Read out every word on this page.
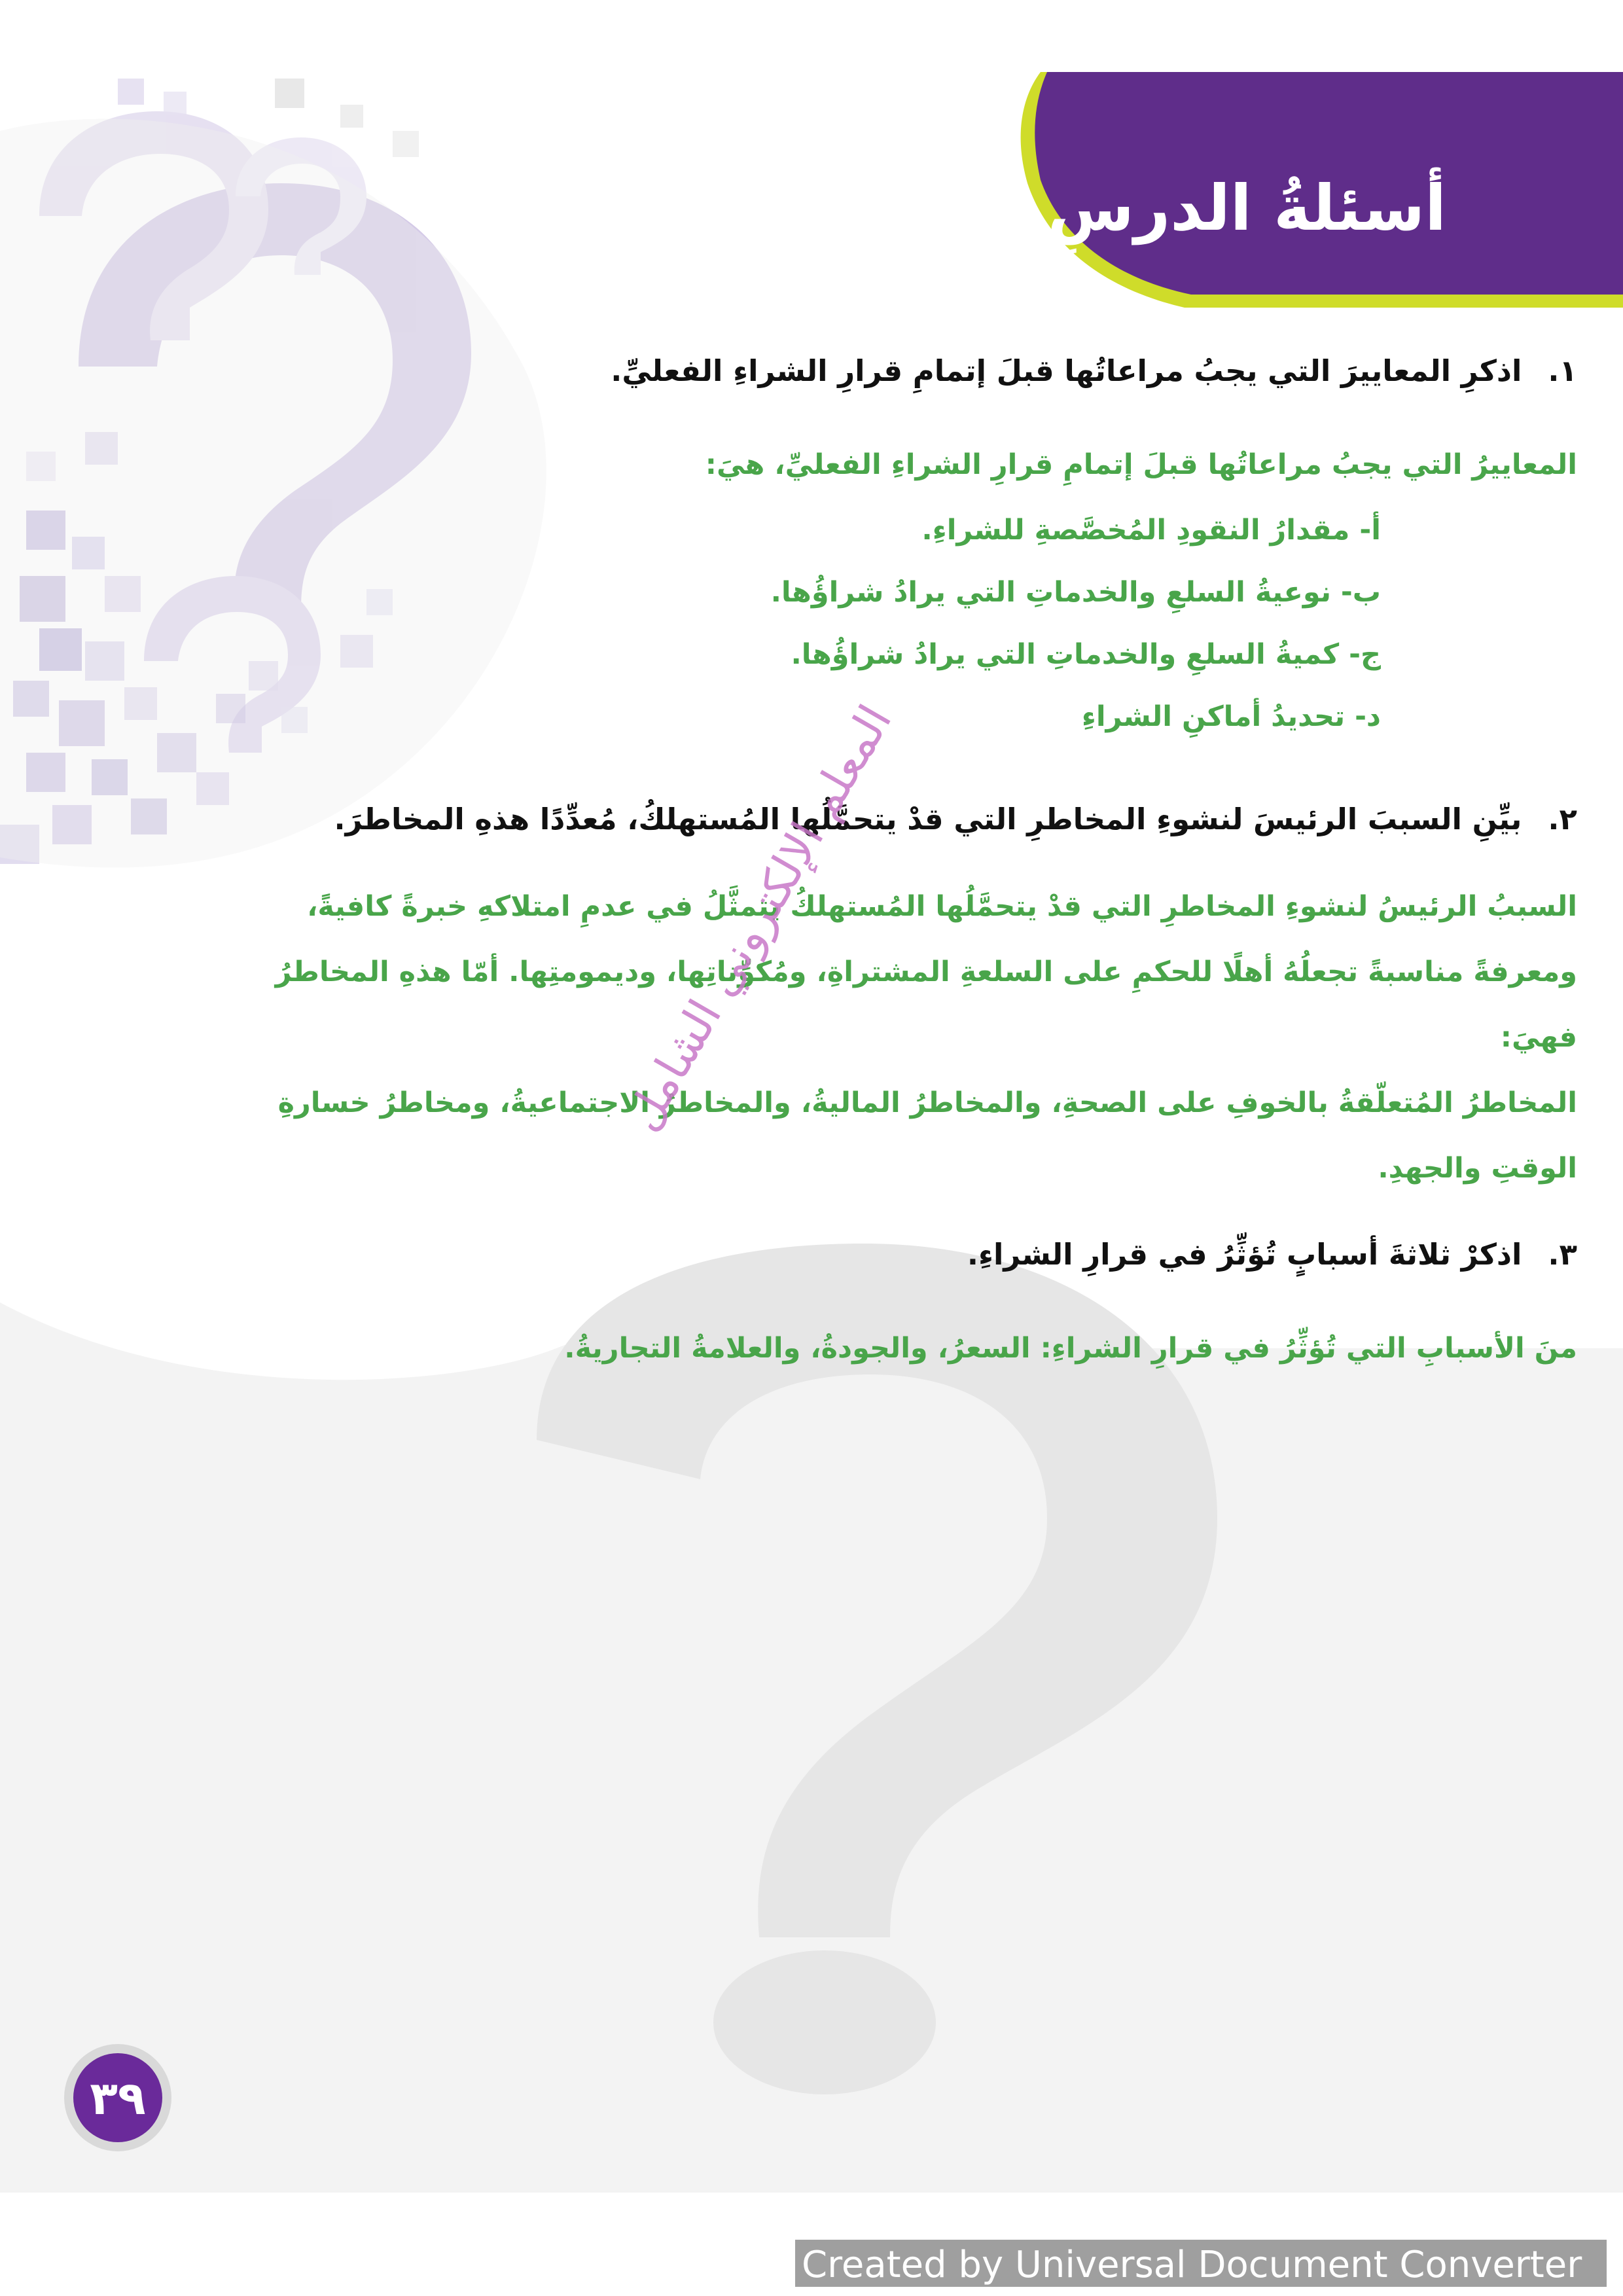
أسئلةُ الدرسِ
١.اذكرِ المعاييرَ التي يجبُ مراعاتُها قبلَ إتمامِ قرارِ الشراءِ الفعليِّ.
المعاييرُ التي يجبُ مراعاتُها قبلَ إتمامِ قرارِ الشراءِ الفعليِّ، هيَ:
أ- مقدارُ النقودِ المُخصَّصةِ للشراءِ.
ب- نوعيةُ السلعِ والخدماتِ التي يرادُ شراؤُها.
ج- كميةُ السلعِ والخدماتِ التي يرادُ شراؤُها.
د- تحديدُ أماكنِ الشراءِ
٢.بيِّنِ السببَ الرئيسَ لنشوءِ المخاطرِ التي قدْ يتحمَّلُها المُستهلكُ، مُعدِّدًا هذهِ المخاطرَ.
السببُ الرئيسُ لنشوءِ المخاطرِ التي قدْ يتحمَّلُها المُستهلكُ يتمثَّلُ في عدمِ امتلاكهِ خبرةً كافيةً،
ومعرفةً مناسبةً تجعلُهُ أهلًا للحكمِ على السلعةِ المشتراةِ، ومُكوِّناتِها، وديمومتِها. أمّا هذهِ المخاطرُ
فهيَ:
المخاطرُ المُتعلّقةُ بالخوفِ على الصحةِ، والمخاطرُ الماليةُ، والمخاطرُ الاجتماعيةُ، ومخاطرُ خسارةِ
الوقتِ والجهدِ.
٣.اذكرْ ثلاثةَ أسبابٍ تُؤثِّرُ في قرارِ الشراءِ.
منَ الأسبابِ التي تُؤثِّرُ في قرارِ الشراءِ: السعرُ، والجودةُ، والعلامةُ التجاريةُ.
المعلم الإلكتروني الشامل
٣٩
Created by Universal Document Converter
